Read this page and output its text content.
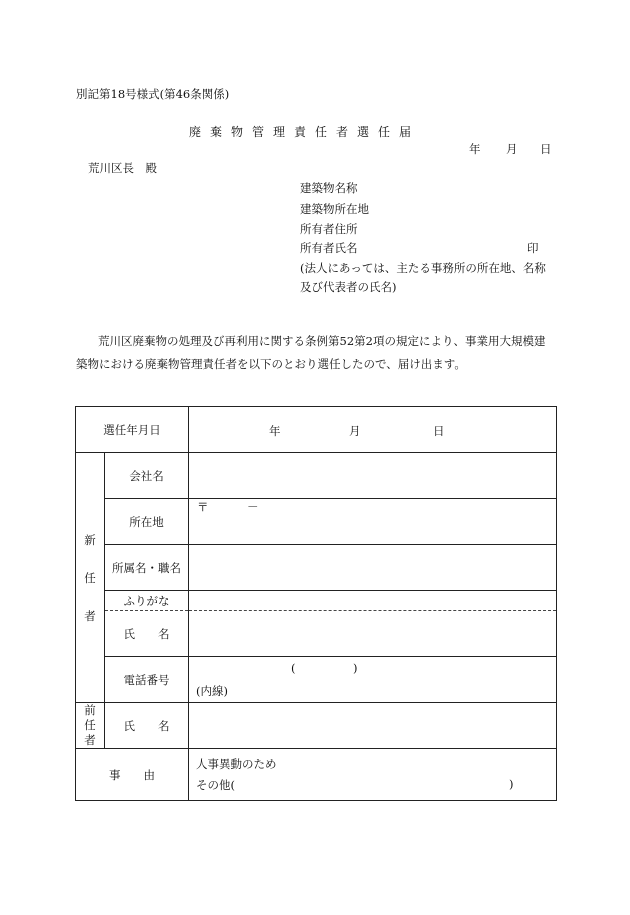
別記第18号様式(第46条関係)
廃棄物管理責任者選任届
年 月 日
荒川区長　殿
建築物名称
建築物所在地
所有者住所
所有者氏名	印
(法人にあっては、主たる事務所の所在地、名称
及び代表者の氏名)
荒川区廃棄物の処理及び再利用に関する条例第52第2項の規定により、事業用大規模建築物における廃棄物管理責任者を以下のとおり選任したので、届け出ます。
選任年月日		年 月 日

新
任
者	会社名	
	所在地	〒 －

	所属名・職名	
	ふりがな	
	氏　　名	
	電話番号	( )
(内線)

前
任
者	氏　　名	
事　　由		人事異動のため
その他( )
